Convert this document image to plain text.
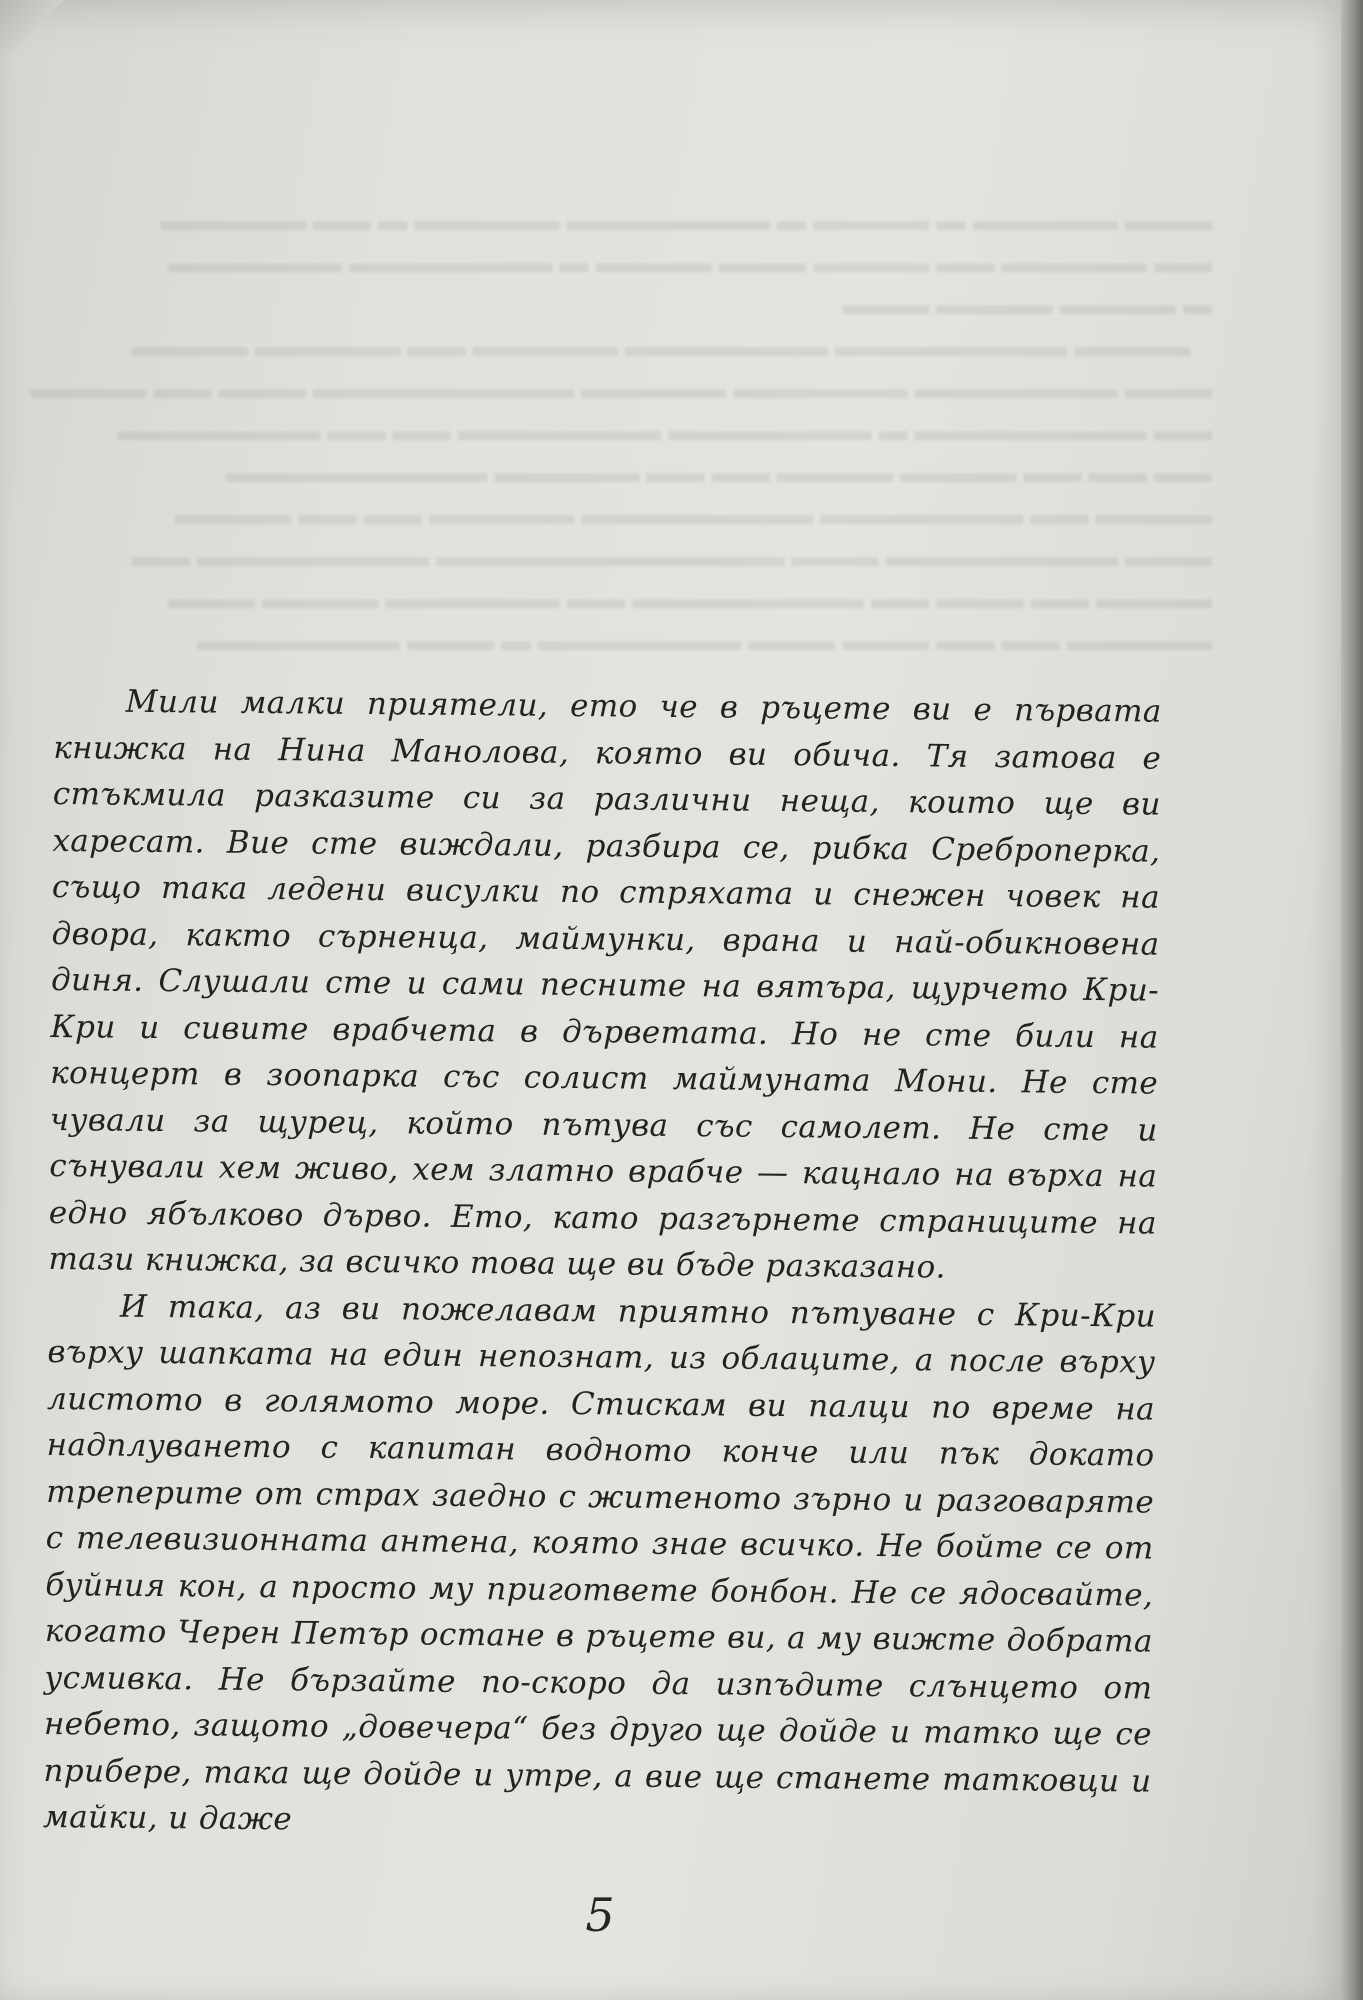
▬▬▬ ▬▬▬▬▬ ▬ ▬▬▬▬ ▬ ▬▬▬▬▬▬▬ ▬▬▬▬▬ ▬ ▬▬ ▬▬▬▬▬
▬▬ ▬▬▬▬▬ ▬▬ ▬▬▬▬ ▬▬▬ ▬▬▬▬ ▬ ▬▬▬▬▬▬▬ ▬▬▬▬▬▬
▬ ▬▬▬▬ ▬▬▬▬ ▬▬▬
▬▬▬▬ ▬▬▬▬▬▬▬▬ ▬▬▬▬▬▬▬ ▬▬▬▬▬ ▬▬ ▬▬▬▬▬ ▬▬▬▬
▬▬▬ ▬▬▬▬▬▬▬ ▬▬▬▬▬▬ ▬▬▬▬▬ ▬▬▬▬▬▬▬▬▬ ▬▬▬ ▬▬ ▬▬▬▬
▬▬ ▬▬▬▬▬▬▬▬ ▬ ▬▬▬▬▬▬▬ ▬▬▬▬▬▬▬ ▬▬ ▬▬ ▬▬▬▬▬▬▬
▬▬ ▬▬ ▬▬ ▬▬▬▬ ▬▬▬▬ ▬▬ ▬▬ ▬▬▬▬▬ ▬▬▬▬▬▬▬▬▬
▬▬▬▬ ▬▬ ▬▬▬▬▬▬▬ ▬▬▬▬▬▬▬▬ ▬▬▬▬▬ ▬▬ ▬▬ ▬▬▬▬
▬▬▬ ▬▬▬▬▬▬▬▬ ▬▬▬ ▬▬▬▬▬▬▬▬▬▬▬▬ ▬▬▬▬▬▬▬▬ ▬▬
▬▬▬▬ ▬▬ ▬▬▬ ▬▬ ▬▬▬▬▬▬▬▬ ▬▬ ▬▬▬▬▬▬ ▬▬▬▬ ▬▬▬
▬▬▬▬▬ ▬▬ ▬▬ ▬▬▬ ▬▬▬ ▬▬▬▬▬▬▬ ▬ ▬▬▬ ▬▬▬▬▬▬▬

Мили малки приятели, ето че в ръцете ви е първата книжка на Нина Манолова, която ви обича. Тя затова е стъкмила разказите си за различни неща, които ще ви харесат. Вие сте виждали, разбира се, рибка Среброперка, също така ледени висулки по стряхата и снежен човек на двора, както сърненца, маймунки, врана и най-обикновена диня. Слушали сте и сами песните на вятъра, щурчето Кри-Кри и сивите врабчета в дърветата. Но не сте били на концерт в зоопарка със солист маймуната Мони. Не сте чували за щурец, който пътува със самолет. Не сте и сънували хем живо, хем златно врабче — кацнало на върха на едно ябълково дърво. Ето, като разгърнете страниците на тази книжка, за всичко това ще ви бъде разказано.

И така, аз ви пожелавам приятно пътуване с Кри-Кри върху шапката на един непознат, из облаците, а после върху листото в голямото море. Стискам ви палци по време на надплуването с капитан водното конче или пък докато треперите от страх заедно с житеното зърно и разговаряте с телевизионната антена, която знае всичко. Не бойте се от буйния кон, а просто му пригответе бонбон. Не се ядосвайте, когато Черен Петър остане в ръцете ви, а му вижте добрата усмивка. Не бързайте по-скоро да изпъдите слънцето от небето, защото „довечера“ без друго ще дойде и татко ще се прибере, така ще дойде и утре, а вие ще станете татковци и майки, и даже

5
